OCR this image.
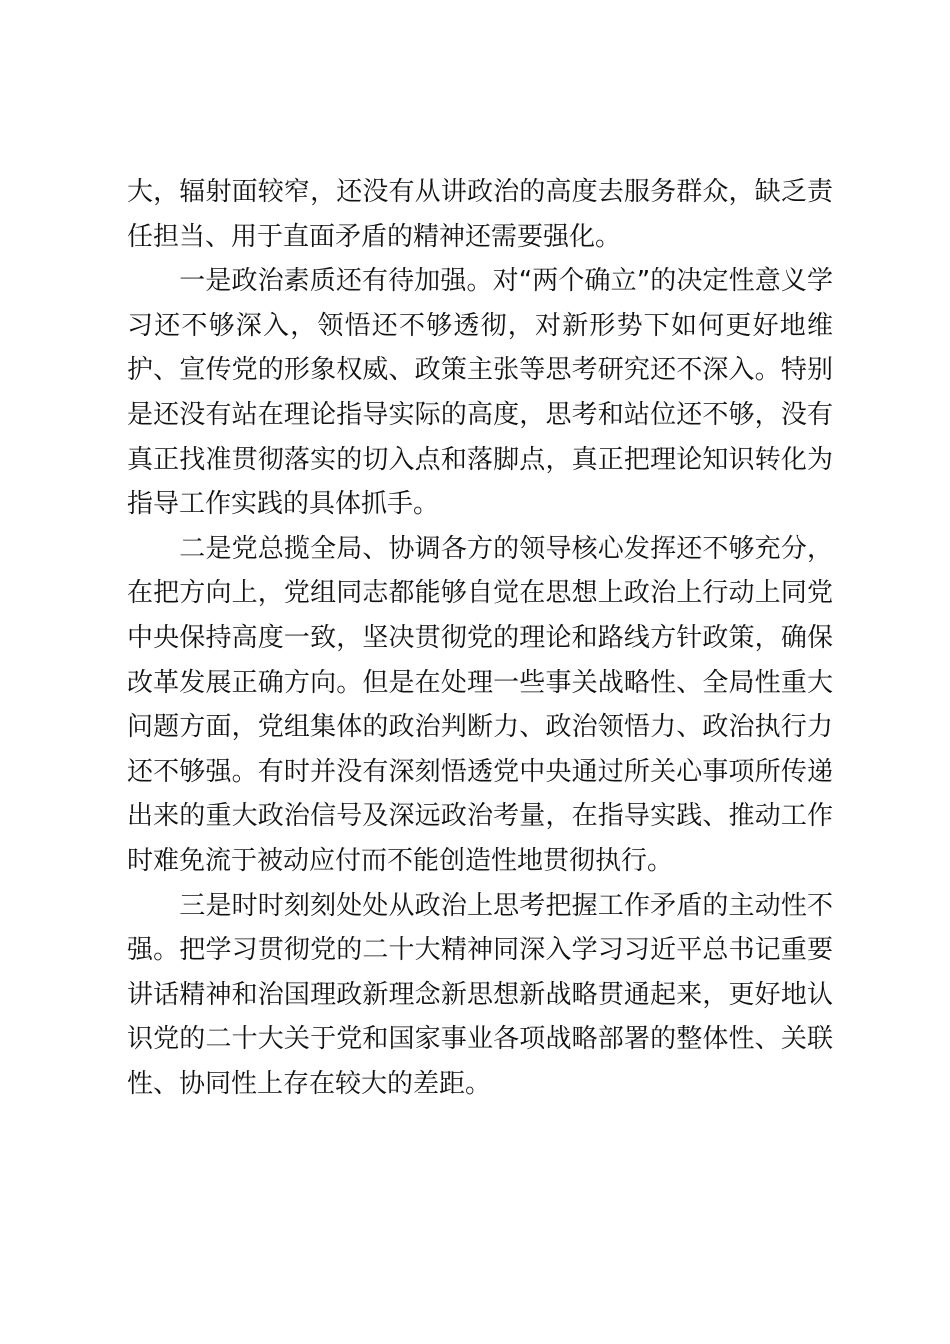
大，辐射面较窄，还没有从讲政治的高度去服务群众，缺乏责任担当、用于直面矛盾的精神还需要强化。

　　一是政治素质还有待加强。对“两个确立”的决定性意义学习还不够深入，领悟还不够透彻，对新形势下如何更好地维护、宣传党的形象权威、政策主张等思考研究还不深入。特别是还没有站在理论指导实际的高度，思考和站位还不够，没有真正找准贯彻落实的切入点和落脚点，真正把理论知识转化为指导工作实践的具体抓手。

　　二是党总揽全局、协调各方的领导核心发挥还不够充分，在把方向上，党组同志都能够自觉在思想上政治上行动上同党中央保持高度一致，坚决贯彻党的理论和路线方针政策，确保改革发展正确方向。但是在处理一些事关战略性、全局性重大问题方面，党组集体的政治判断力、政治领悟力、政治执行力还不够强。有时并没有深刻悟透党中央通过所关心事项所传递出来的重大政治信号及深远政治考量，在指导实践、推动工作时难免流于被动应付而不能创造性地贯彻执行。

　　三是时时刻刻处处从政治上思考把握工作矛盾的主动性不强。把学习贯彻党的二十大精神同深入学习习近平总书记重要讲话精神和治国理政新理念新思想新战略贯通起来，更好地认识党的二十大关于党和国家事业各项战略部署的整体性、关联性、协同性上存在较大的差距。
